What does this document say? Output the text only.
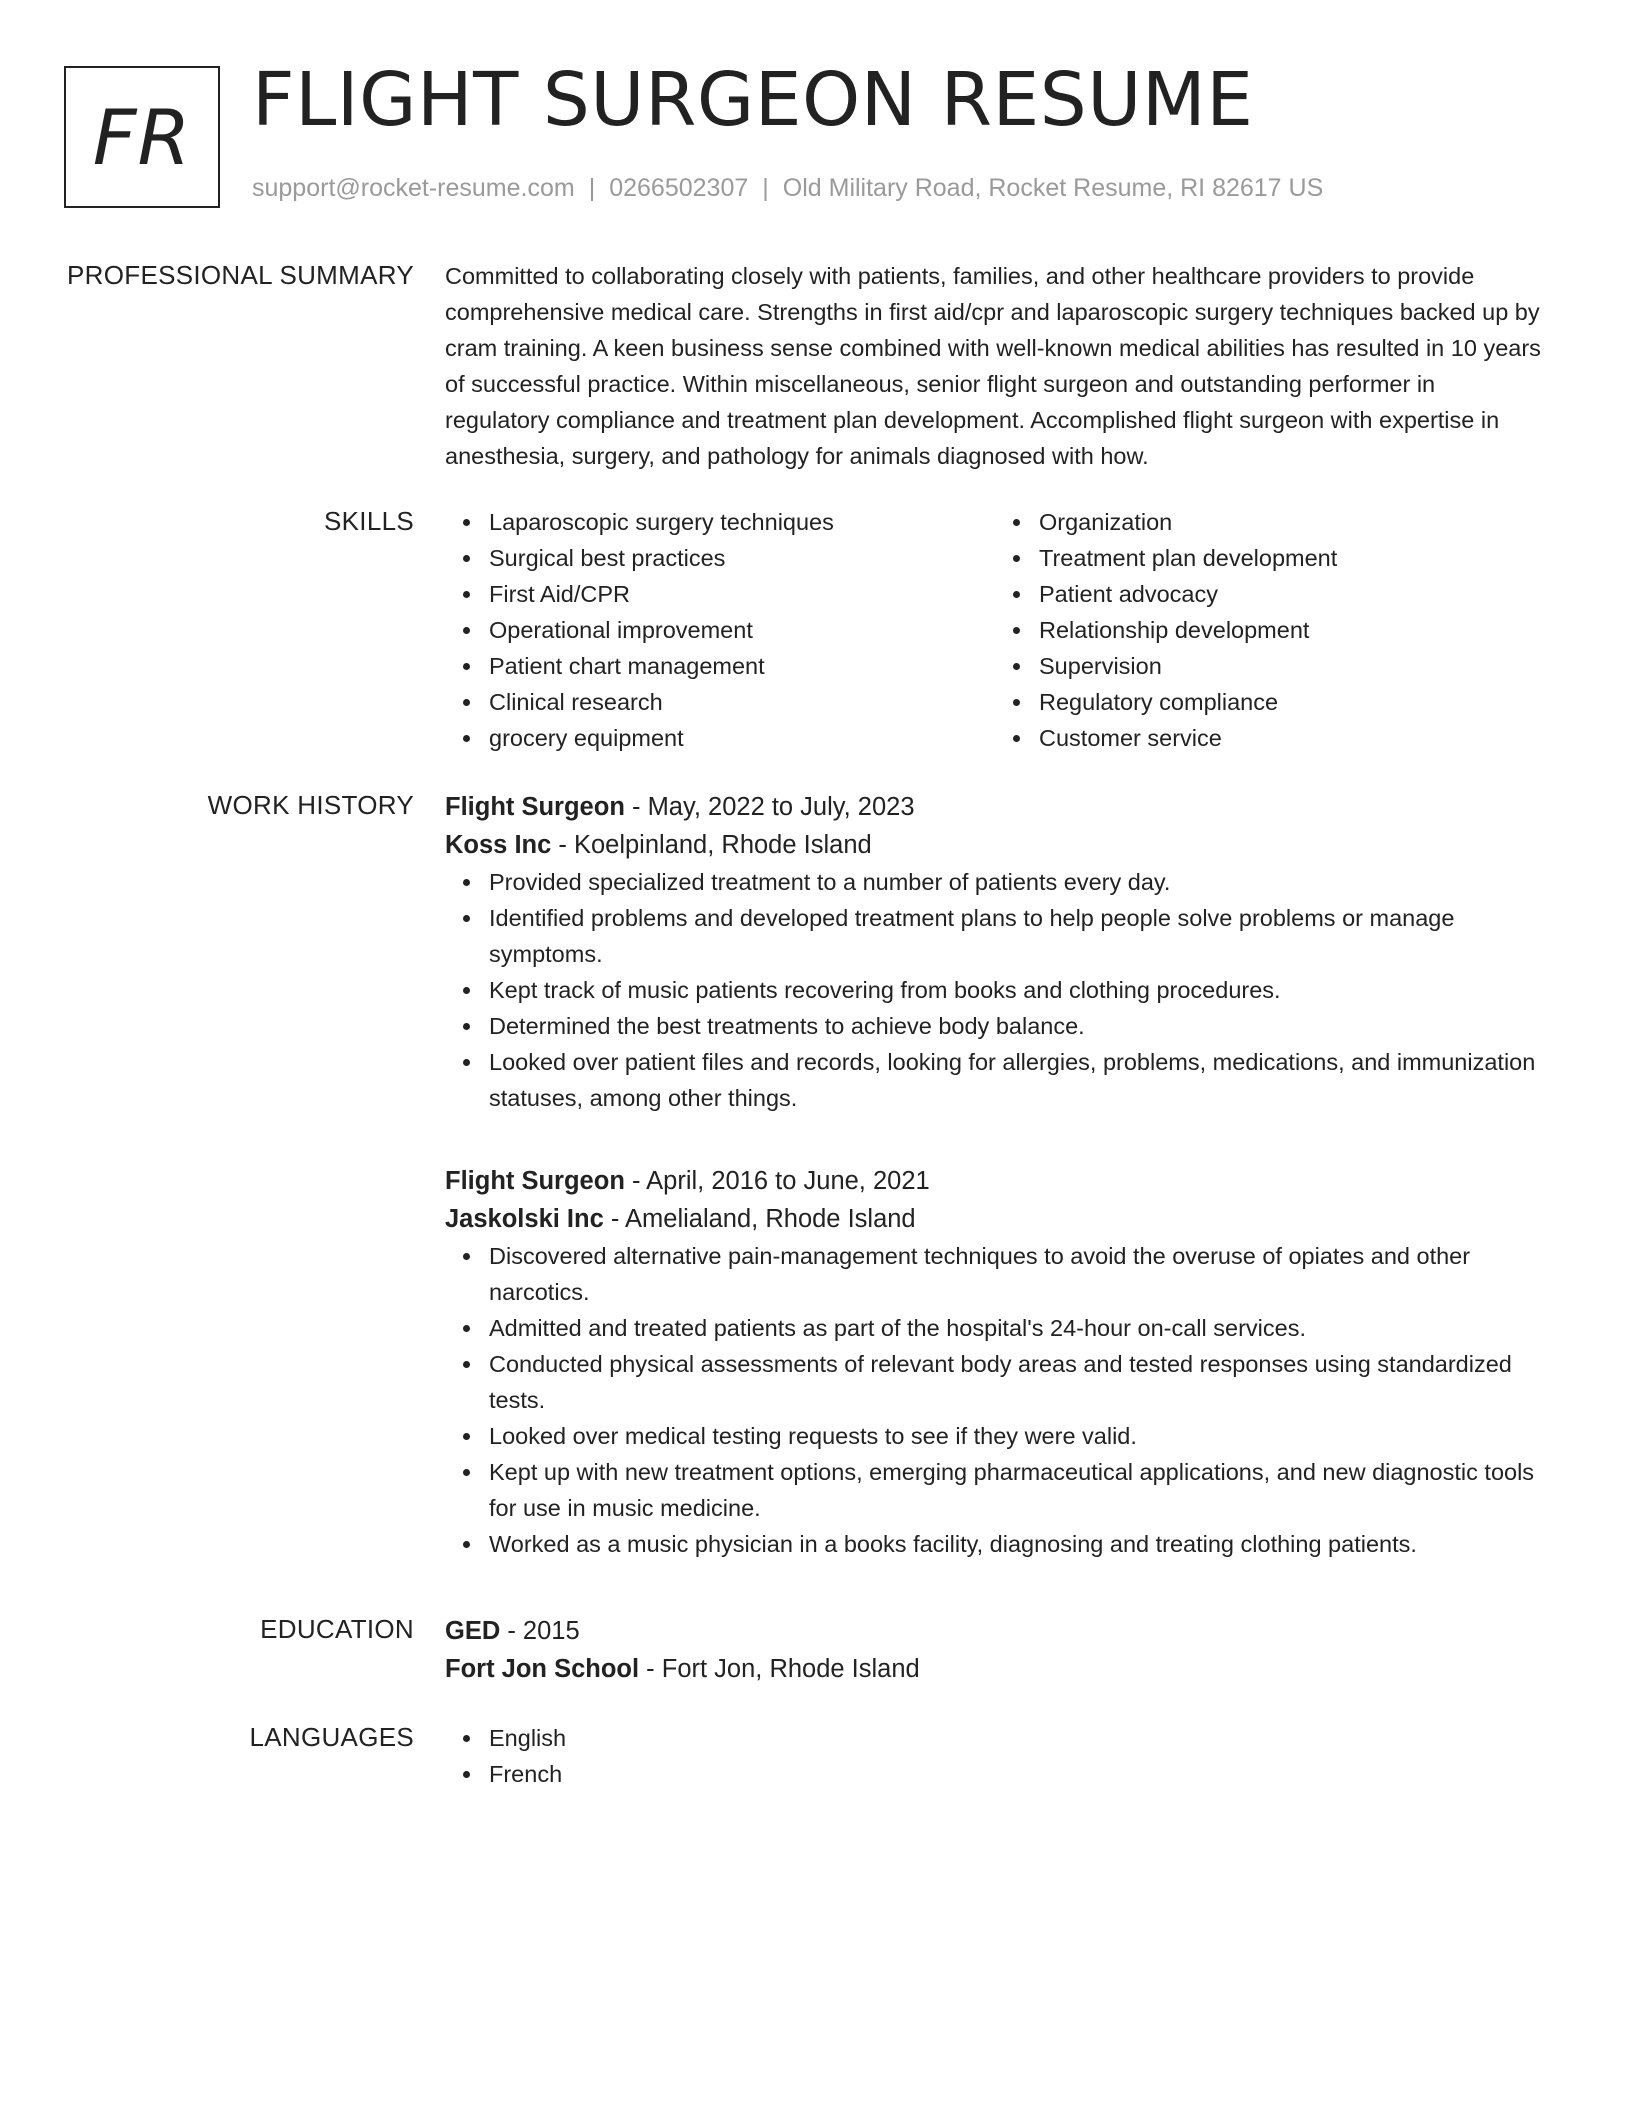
FR FLIGHT SURGEON RESUME
support@rocket-resume.com | 0266502307 | Old Military Road, Rocket Resume, RI 82617 US
PROFESSIONAL SUMMARY Committed to collaborating closely with patients, families, and other healthcare providers to provide comprehensive medical care. Strengths in first aid/cpr and laparoscopic surgery techniques backed up by cram training. A keen business sense combined with well-known medical abilities has resulted in 10 years of successful practice. Within miscellaneous, senior flight surgeon and outstanding performer in regulatory compliance and treatment plan development. Accomplished flight surgeon with expertise in anesthesia, surgery, and pathology for animals diagnosed with how.

SKILLS	Laparoscopic surgery techniques
Surgical best practices
First Aid/CPR
Operational improvement
Patient chart management
Clinical research
grocery equipment
Organization
Treatment plan development
Patient advocacy
Relationship development
Supervision
Regulatory compliance
Customer service
WORK HISTORY Flight Surgeon - May, 2022 to July, 2023
Koss Inc - Koelpinland, Rhode Island
Provided specialized treatment to a number of patients every day.
Identified problems and developed treatment plans to help people solve problems or manage symptoms.
Kept track of music patients recovering from books and clothing procedures.
Determined the best treatments to achieve body balance.
Looked over patient files and records, looking for allergies, problems, medications, and immunization statuses, among other things.
Flight Surgeon - April, 2016 to June, 2021
Jaskolski Inc - Amelialand, Rhode Island
Discovered alternative pain-management techniques to avoid the overuse of opiates and other narcotics.
Admitted and treated patients as part of the hospital's 24-hour on-call services.
Conducted physical assessments of relevant body areas and tested responses using standardized tests.
Looked over medical testing requests to see if they were valid.
Kept up with new treatment options, emerging pharmaceutical applications, and new diagnostic tools for use in music medicine.
Worked as a music physician in a books facility, diagnosing and treating clothing patients.
EDUCATION GED - 2015
Fort Jon School - Fort Jon, Rhode Island
LANGUAGES	English
French
